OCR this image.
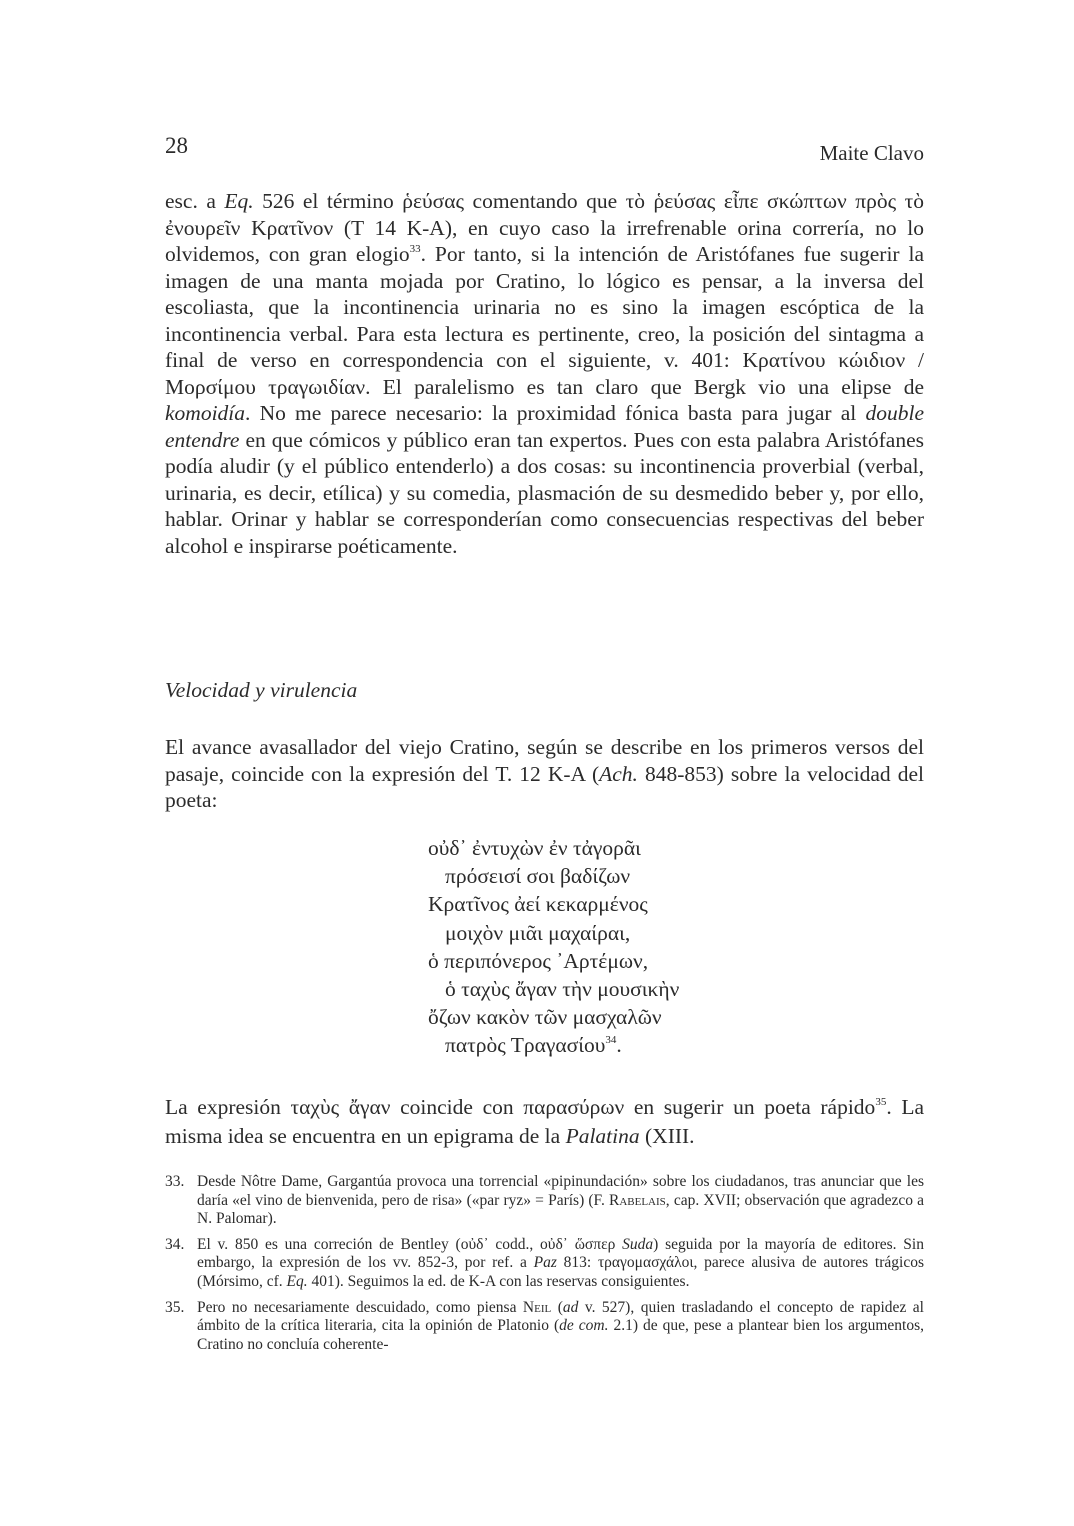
28	Maite Clavo

esc. a Eq. 526 el término ῥεύσας comentando que τὸ ῥεύσας εἶπε σκώπτων πρὸς τὸ ἐνουρεῖν Κρατῖνον (T 14 K-A), en cuyo caso la irrefrenable orina correría, no lo olvidemos, con gran elogio$^{33}$. Por tanto, si la intención de Aristófanes fue sugerir la imagen de una manta mojada por Cratino, lo lógico es pensar, a la inversa del escoliasta, que la incontinencia urinaria no es sino la imagen escóptica de la incontinencia verbal. Para esta lectura es pertinente, creo, la posición del sintagma a final de verso en correspondencia con el siguiente, v. 401: Κρατίνου κώιδιον / Μορσίμου τραγωιδίαν. El paralelismo es tan claro que Bergk vio una elipse de komoidía. No me parece necesario: la proximidad fónica basta para jugar al double entendre en que cómicos y público eran tan expertos. Pues con esta palabra Aristófanes podía aludir (y el público entenderlo) a dos cosas: su incontinencia proverbial (verbal, urinaria, es decir, etílica) y su comedia, plasmación de su desmedido beber y, por ello, hablar. Orinar y hablar se corresponderían como consecuencias respectivas del beber alcohol e inspirarse poéticamente.

Velocidad y virulencia
El avance avasallador del viejo Cratino, según se describe en los primeros versos del pasaje, coincide con la expresión del T. 12 K-A (Ach. 848-853) sobre la velocidad del poeta:
οὐδ᾽ ἐντυχὼν ἐν τἀγορᾶι
πρόσεισί σοι βαδίζων
Κρατῖνος ἀεί κεκαρμένος
μοιχὸν μιᾶι μαχαίραι,
ὁ περιπόνερος ᾽Αρτέμων,
ὁ ταχὺς ἄγαν τὴν μουσικὴν
ὄζων κακὸν τῶν μασχαλῶν
πατρὸς Τραγασίου$^{34}$.
La expresión ταχὺς ἄγαν coincide con παρασύρων en sugerir un poeta rápido$^{35}$. La misma idea se encuentra en un epigrama de la Palatina (XIII.
33. Desde Nôtre Dame, Gargantúa provoca una torrencial «pipinundación» sobre los ciudadanos, tras anunciar que les daría «el vino de bienvenida, pero de risa» («par ryz» = París) (F. Rabelais, cap. XVII; observación que agradezco a N. Palomar).
34. El v. 850 es una correción de Bentley (οὐδ᾽ codd., οὐδ᾽ ὥσπερ Suda) seguida por la mayoría de editores. Sin embargo, la expresión de los vv. 852-3, por ref. a Paz 813: τραγομασχάλοι, parece alusiva de autores trágicos (Mórsimo, cf. Eq. 401). Seguimos la ed. de K-A con las reservas consiguientes.
35. Pero no necesariamente descuidado, como piensa Neil (ad v. 527), quien trasladando el concepto de rapidez al ámbito de la crítica literaria, cita la opinión de Platonio (de com. 2.1) de que, pese a plantear bien los argumentos, Cratino no concluía coherente-
